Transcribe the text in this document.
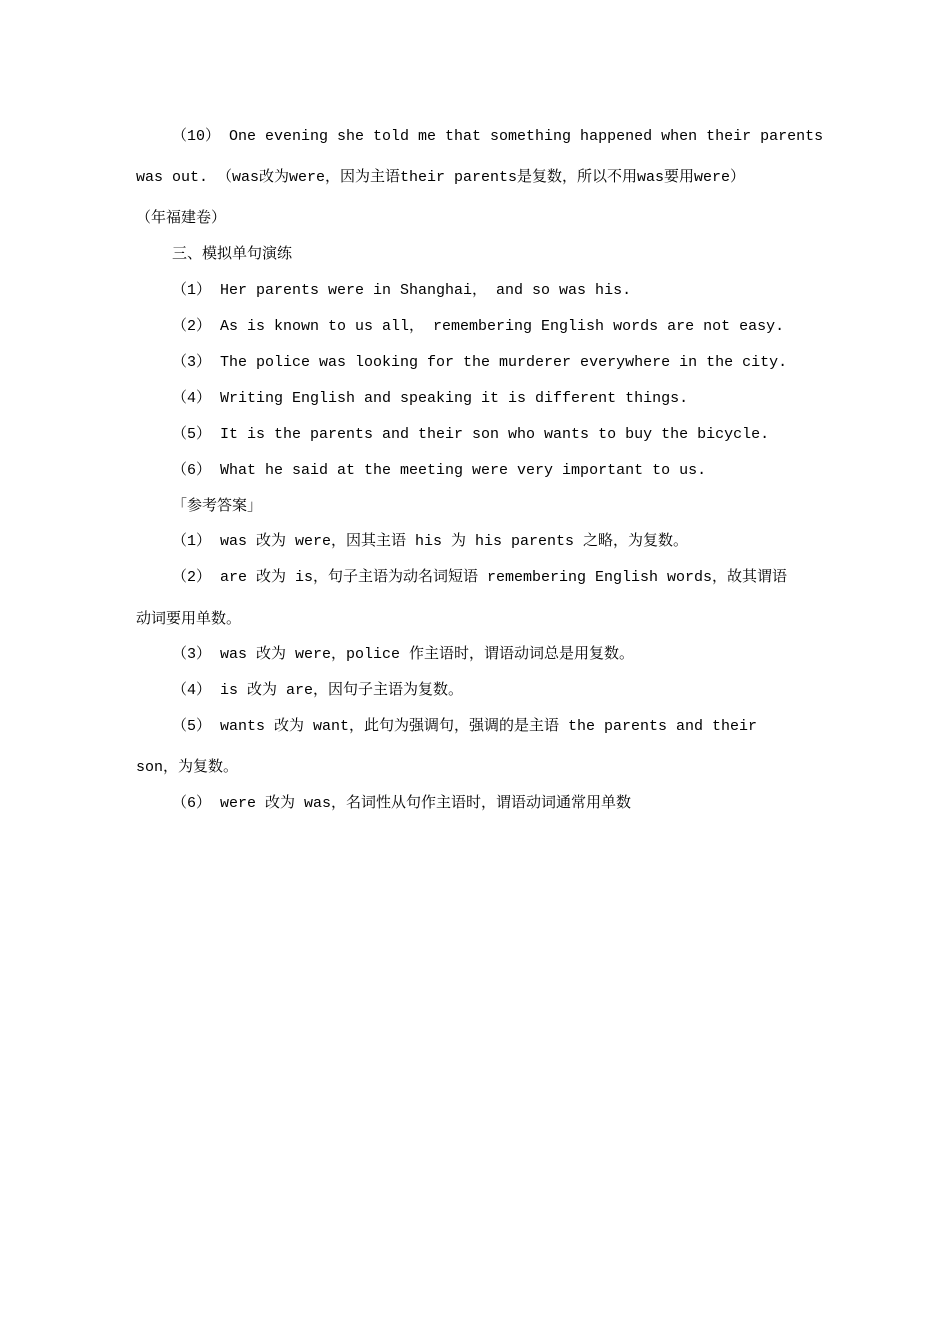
（10） One evening she told me that something happened when their parents
was out. （was改为were，因为主语their parents是复数，所以不用was要用were）
（年福建卷）
三、模拟单句演练
（1） Her parents were in Shanghai， and so was his.
（2） As is known to us all， remembering English words are not easy.
（3） The police was looking for the murderer everywhere in the city.
（4） Writing English and speaking it is different things.
（5） It is the parents and their son who wants to buy the bicycle.
（6） What he said at the meeting were very important to us.
「参考答案」
（1） was 改为 were，因其主语 his 为 his parents 之略，为复数。
（2） are 改为 is，句子主语为动名词短语 remembering English words，故其谓语
动词要用单数。
（3） was 改为 were，police 作主语时，谓语动词总是用复数。
（4） is 改为 are，因句子主语为复数。
（5） wants 改为 want，此句为强调句，强调的是主语 the parents and their
son，为复数。
（6） were 改为 was，名词性从句作主语时，谓语动词通常用单数
